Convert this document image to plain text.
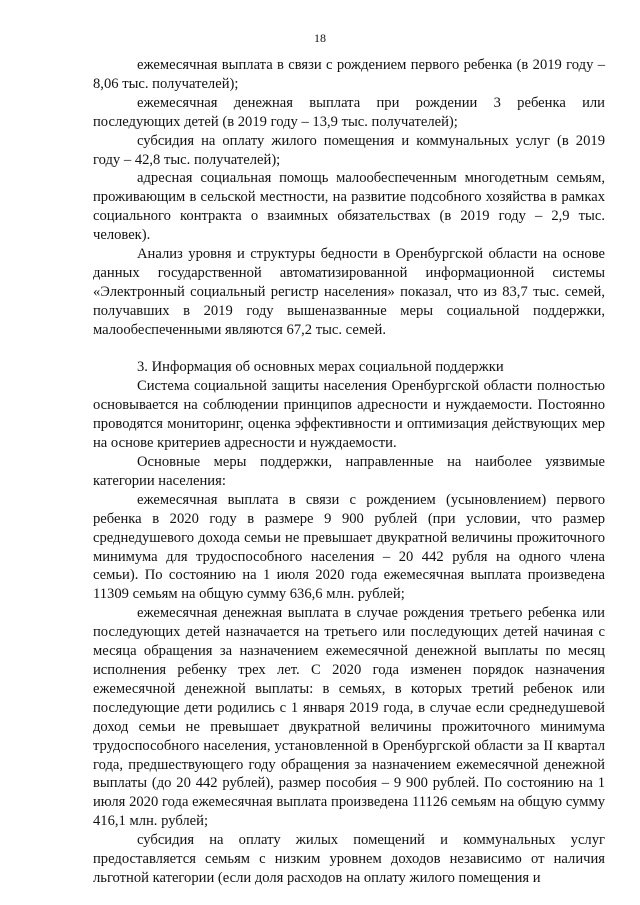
18

ежемесячная выплата в связи с рождением первого ребенка (в 2019 году – 8,06 тыс. получателей);

ежемесячная денежная выплата при рождении 3 ребенка или последующих детей (в 2019 году – 13,9 тыс. получателей);

субсидия на оплату жилого помещения и коммунальных услуг (в 2019 году – 42,8 тыс. получателей);

адресная социальная помощь малообеспеченным многодетным семьям, проживающим в сельской местности, на развитие подсобного хозяйства в рамках социального контракта о взаимных обязательствах (в 2019 году – 2,9 тыс. человек).

Анализ уровня и структуры бедности в Оренбургской области на основе данных государственной автоматизированной информационной системы «Электронный социальный регистр населения» показал, что из 83,7 тыс. семей, получавших в 2019 году вышеназванные меры социальной поддержки, малообеспеченными являются 67,2 тыс. семей.

3. Информация об основных мерах социальной поддержки

Система социальной защиты населения Оренбургской области полностью основывается на соблюдении принципов адресности и нуждаемости. Постоянно проводятся мониторинг, оценка эффективности и оптимизация действующих мер на основе критериев адресности и нуждаемости.

Основные меры поддержки, направленные на наиболее уязвимые категории населения:

ежемесячная выплата в связи с рождением (усыновлением) первого ребенка в 2020 году в размере 9 900 рублей (при условии, что размер среднедушевого дохода семьи не превышает двукратной величины прожиточного минимума для трудоспособного населения – 20 442 рубля на одного члена семьи). По состоянию на 1 июля 2020 года ежемесячная выплата произведена 11309 семьям на общую сумму 636,6 млн. рублей;

ежемесячная денежная выплата в случае рождения третьего ребенка или последующих детей назначается на третьего или последующих детей начиная с месяца обращения за назначением ежемесячной денежной выплаты по месяц исполнения ребенку трех лет. С 2020 года изменен порядок назначения ежемесячной денежной выплаты: в семьях, в которых третий ребенок или последующие дети родились с 1 января 2019 года, в случае если среднедушевой доход семьи не превышает двукратной величины прожиточного минимума трудоспособного населения, установленной в Оренбургской области за II квартал года, предшествующего году обращения за назначением ежемесячной денежной выплаты (до 20 442 рублей), размер пособия – 9 900 рублей. По состоянию на 1 июля 2020 года ежемесячная выплата произведена 11126 семьям на общую сумму 416,1 млн. рублей;

субсидия на оплату жилых помещений и коммунальных услуг предоставляется семьям с низким уровнем доходов независимо от наличия льготной категории (если доля расходов на оплату жилого помещения и
